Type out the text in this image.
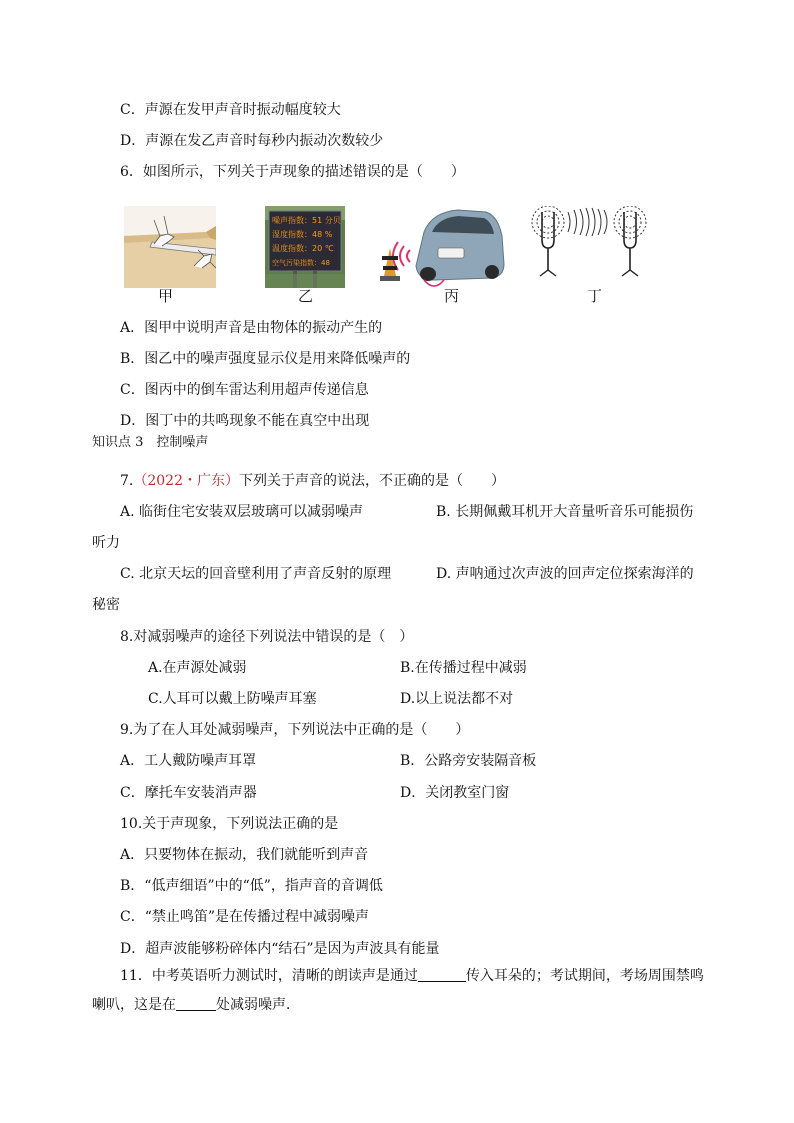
C．声源在发甲声音时振动幅度较大
D．声源在发乙声音时每秒内振动次数较少
6．如图所示，下列关于声现象的描述错误的是（　　）
甲
噪声指数：51 分贝
湿度指数：48 %
温度指数：20 ℃
空气污染指数：48
乙	丙	丁
A．图甲中说明声音是由物体的振动产生的
B．图乙中的噪声强度显示仪是用来降低噪声的
C．图丙中的倒车雷达利用超声传递信息
D．图丁中的共鸣现象不能在真空中出现
知识点 3　控制噪声
7.（2022・广东）下列关于声音的说法，不正确的是（　　）
A. 临街住宅安装双层玻璃可以减弱噪声	B. 长期佩戴耳机开大音量听音乐可能损伤
听力
C. 北京天坛的回音壁利用了声音反射的原理	D. 声呐通过次声波的回声定位探索海洋的
秘密
8.对减弱噪声的途径下列说法中错误的是（　）
A.在声源处减弱	B.在传播过程中减弱
C.人耳可以戴上防噪声耳塞	D.以上说法都不对
9.为了在人耳处减弱噪声，下列说法中正确的是（　　）
A．工人戴防噪声耳罩	B．公路旁安装隔音板
C．摩托车安装消声器	D．关闭教室门窗
10.关于声现象，下列说法正确的是
A．只要物体在振动，我们就能听到声音
B．“低声细语”中的“低”，指声音的音调低
C．“禁止鸣笛”是在传播过程中减弱噪声
D．超声波能够粉碎体内“结石”是因为声波具有能量
11．中考英语听力测试时，清晰的朗读声是通过	传入耳朵的；考试期间，考场周围禁鸣
喇叭，这是在	处减弱噪声．
